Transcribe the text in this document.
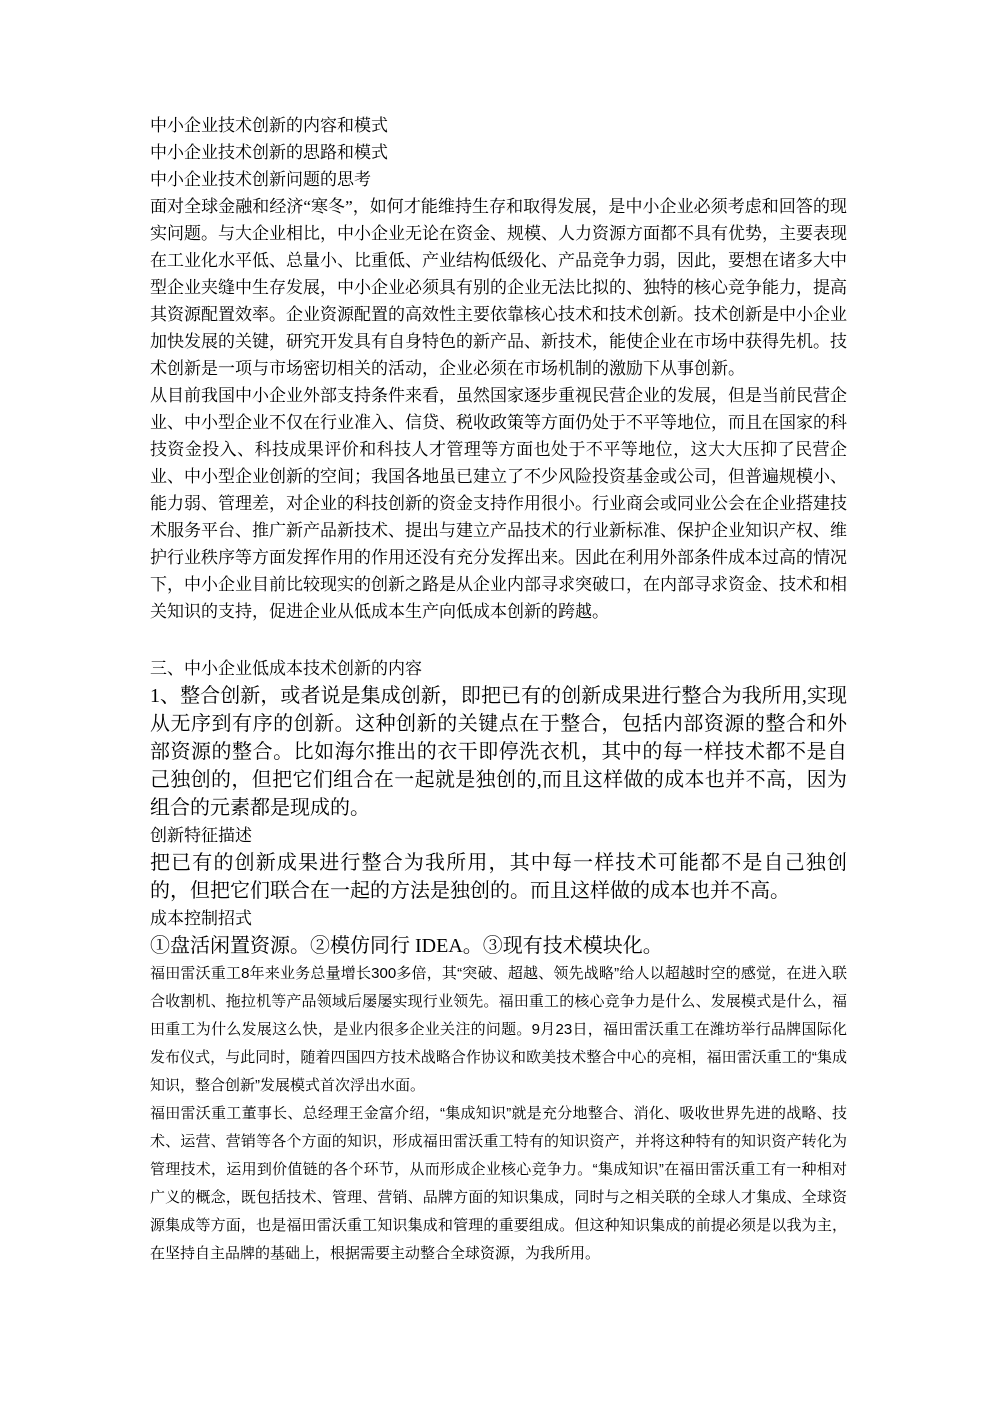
中小企业技术创新的内容和模式

中小企业技术创新的思路和模式

中小企业技术创新问题的思考

面对全球金融和经济“寒冬”，如何才能维持生存和取得发展，是中小企业必须考虑和回答的现实问题。与大企业相比，中小企业无论在资金、规模、人力资源方面都不具有优势，主要表现在工业化水平低、总量小、比重低、产业结构低级化、产品竞争力弱，因此，要想在诸多大中型企业夹缝中生存发展，中小企业必须具有别的企业无法比拟的、独特的核心竞争能力，提高其资源配置效率。企业资源配置的高效性主要依靠核心技术和技术创新。技术创新是中小企业加快发展的关键，研究开发具有自身特色的新产品、新技术，能使企业在市场中获得先机。技术创新是一项与市场密切相关的活动，企业必须在市场机制的激励下从事创新。

从目前我国中小企业外部支持条件来看，虽然国家逐步重视民营企业的发展，但是当前民营企业、中小型企业不仅在行业准入、信贷、税收政策等方面仍处于不平等地位，而且在国家的科技资金投入、科技成果评价和科技人才管理等方面也处于不平等地位，这大大压抑了民营企业、中小型企业创新的空间；我国各地虽已建立了不少风险投资基金或公司，但普遍规模小、能力弱、管理差，对企业的科技创新的资金支持作用很小。行业商会或同业公会在企业搭建技术服务平台、推广新产品新技术、提出与建立产品技术的行业新标准、保护企业知识产权、维护行业秩序等方面发挥作用的作用还没有充分发挥出来。因此在利用外部条件成本过高的情况下，中小企业目前比较现实的创新之路是从企业内部寻求突破口，在内部寻求资金、技术和相关知识的支持，促进企业从低成本生产向低成本创新的跨越。

三、中小企业低成本技术创新的内容

1、整合创新，或者说是集成创新，即把已有的创新成果进行整合为我所用,实现从无序到有序的创新。这种创新的关键点在于整合，包括内部资源的整合和外部资源的整合。比如海尔推出的衣干即停洗衣机，其中的每一样技术都不是自己独创的，但把它们组合在一起就是独创的,而且这样做的成本也并不高，因为组合的元素都是现成的。

创新特征描述

把已有的创新成果进行整合为我所用，其中每一样技术可能都不是自己独创的，但把它们联合在一起的方法是独创的。而且这样做的成本也并不高。

成本控制招式

①盘活闲置资源。②模仿同行 IDEA。③现有技术模块化。

福田雷沃重工8年来业务总量增长300多倍，其“突破、超越、领先战略”给人以超越时空的感觉，在进入联合收割机、拖拉机等产品领域后屡屡实现行业领先。福田重工的核心竞争力是什么、发展模式是什么，福田重工为什么发展这么快，是业内很多企业关注的问题。9月23日，福田雷沃重工在潍坊举行品牌国际化发布仪式，与此同时，随着四国四方技术战略合作协议和欧美技术整合中心的亮相，福田雷沃重工的“集成知识，整合创新”发展模式首次浮出水面。

福田雷沃重工董事长、总经理王金富介绍，“集成知识”就是充分地整合、消化、吸收世界先进的战略、技术、运营、营销等各个方面的知识，形成福田雷沃重工特有的知识资产，并将这种特有的知识资产转化为管理技术，运用到价值链的各个环节，从而形成企业核心竞争力。“集成知识”在福田雷沃重工有一种相对广义的概念，既包括技术、管理、营销、品牌方面的知识集成，同时与之相关联的全球人才集成、全球资源集成等方面，也是福田雷沃重工知识集成和管理的重要组成。但这种知识集成的前提必须是以我为主，在坚持自主品牌的基础上，根据需要主动整合全球资源，为我所用。
